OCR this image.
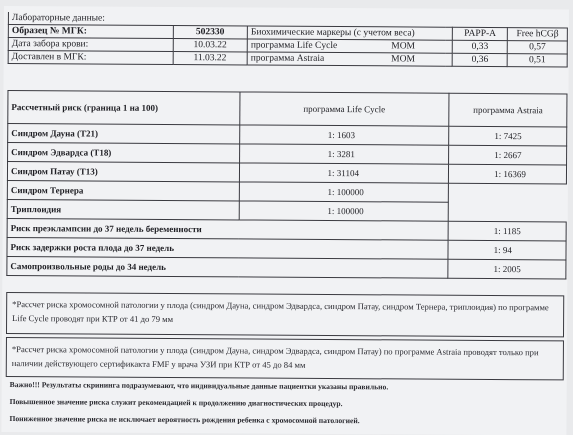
Лабораторные данные:					
Образец № МГК:	502330	Биохимические маркеры (с учетом веса)		PAPP-A	Free hCGβ
Дата забора крови:	10.03.22	программа Life Cycle МОМ		0,33	0,57
Доставлен в МГК:	11.03.22	программа Astraia МОМ		0,36	0,51
Рассчетный риск (граница 1 на 100)	программа Life Cycle	программа Astraia
Синдром Дауна (Т21)	1: 1603	1: 7425
Синдром Эдвардса (Т18)	1: 3281	1: 2667
Синдром Патау (Т13)	1: 31104	1: 16369
Синдром Тернера	1: 100000	
Триплоидия	1: 100000	
Риск преэклампсии до 37 недель беременности		1: 1185
Риск задержки роста плода до 37 недель		1: 94
Самопроизвольные роды до 34 недель		1: 2005
*Рассчет риска хромосомной патологии у плода (синдром Дауна, синдром Эдвардса, синдром Патау, синдром Тернера, триплоидия) по программе Life Cycle проводят при КТР от 41 до 79 мм
*Рассчет риска хромосомной патологии у плода (синдром Дауна, синдром Эдвардса, синдром Патау) по программе Astraia проводят только при наличии действующего сертификакта FMF у врача УЗИ при КТР от 45 до 84 мм
Важно!!! Результаты скрининга подразумевают, что индивидуальные данные пациентки указаны правильно.
Повышенное значение риска служит рекомендацией к продолжению диагностических процедур.
Пониженное значение риска не исключает вероятность рождения ребенка с хромосомной патологией.
